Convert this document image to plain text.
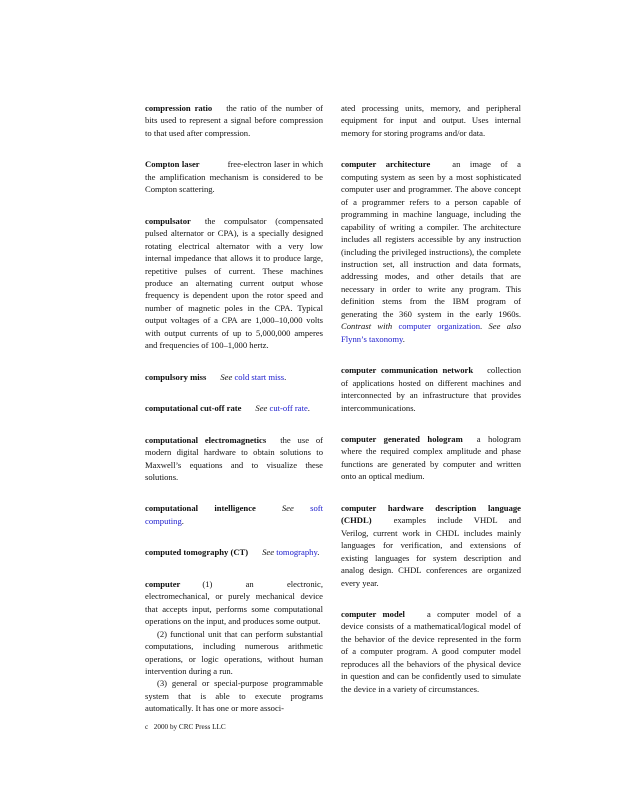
compression ratio the ratio of the number of bits used to represent a signal before compression to that used after compression.
Compton laser	free-electron laser in which the amplification mechanism is considered to be Compton scattering.
compulsator the compulsator (compensated pulsed alternator or CPA), is a specially designed rotating electrical alternator with a very low internal impedance that allows it to produce large, repetitive pulses of current. These machines produce an alternating current output whose frequency is dependent upon the rotor speed and number of magnetic poles in the CPA. Typical output voltages of a CPA are 1,000–10,000 volts with output currents of up to 5,000,000 amperes and frequencies of 100–1,000 hertz.
compulsory miss See cold start miss.
computational cut-off rate See cut-off rate.
computational electromagnetics the use of modern digital hardware to obtain solutions to Maxwell’s equations and to visualize these solutions.
computational intelligence	See soft computing.
computed tomography (CT) See tomography.
computer	(1) an electronic, electromechanical, or purely mechanical device that accepts input, performs some computational operations on the input, and produces some output.
(2) functional unit that can perform substantial computations, including numerous arithmetic operations, or logic operations, without human intervention during a run.
(3) general or special-purpose programmable system that is able to execute programs automatically. It has one or more associ-
ated processing units, memory, and peripheral equipment for input and output. Uses internal memory for storing programs and/or data.
computer architecture	an image of a computing system as seen by a most sophisticated computer user and programmer. The above concept of a programmer refers to a person capable of programming in machine language, including the capability of writing a compiler. The architecture includes all registers accessible by any instruction (including the privileged instructions), the complete instruction set, all instruction and data formats, addressing modes, and other details that are necessary in order to write any program. This definition stems from the IBM program of generating the 360 system in the early 1960s. Contrast with computer organization. See also Flynn’s taxonomy.
computer communication network collection of applications hosted on different machines and interconnected by an infrastructure that provides intercommunications.
computer generated hologram a hologram where the required complex amplitude and phase functions are generated by computer and written onto an optical medium.
computer hardware description language (CHDL)	examples include VHDL and Verilog, current work in CHDL includes mainly languages for verification, and extensions of existing languages for system description and analog design. CHDL conferences are organized every year.
computer model	a computer model of a device consists of a mathematical/logical model of the behavior of the device represented in the form of a computer program. A good computer model reproduces all the behaviors of the physical device in question and can be confidently used to simulate the device in a variety of circumstances.
c⃝2000 by CRC Press LLC
